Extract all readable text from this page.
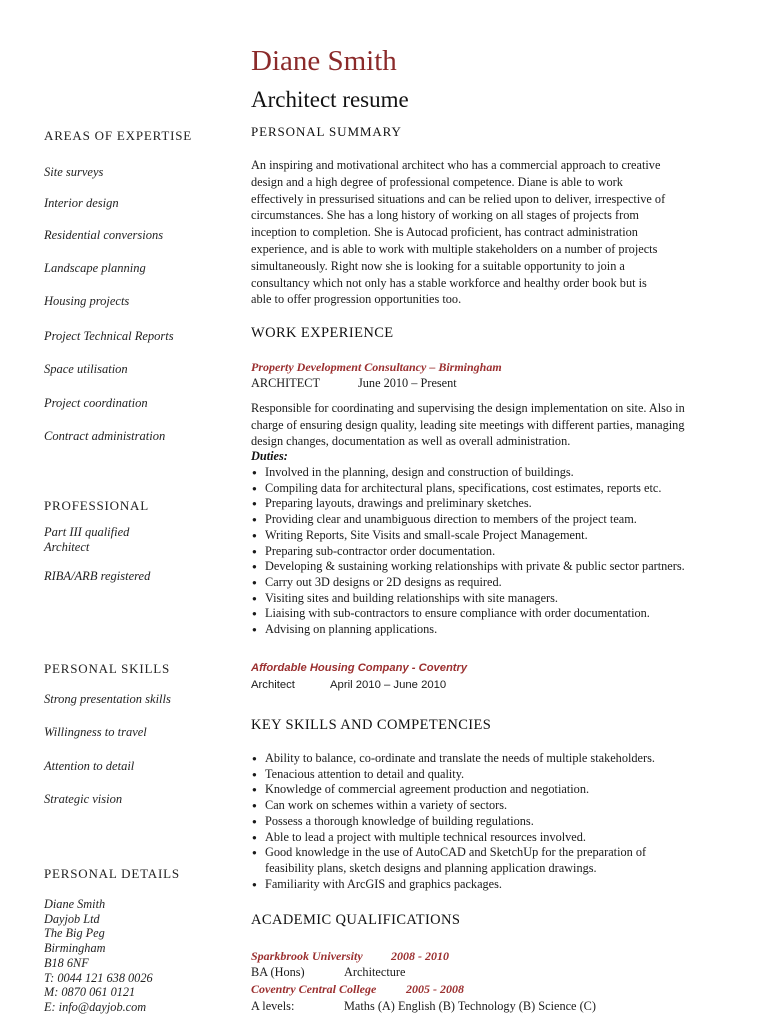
Diane Smith
Architect resume
AREAS OF EXPERTISE
Site surveys
Interior design
Residential conversions
Landscape planning
Housing projects
Project Technical Reports
Space utilisation
Project coordination
Contract administration
PROFESSIONAL
Part III qualified
Architect
RIBA/ARB registered
PERSONAL SKILLS
Strong presentation skills
Willingness to travel
Attention to detail
Strategic vision
PERSONAL DETAILS
Diane Smith
Dayjob Ltd
The Big Peg
Birmingham
B18 6NF
T: 0044 121 638 0026
M: 0870 061 0121
E: info@dayjob.com
PERSONAL SUMMARY

An inspiring and motivational architect who has a commercial approach to creative

design and a high degree of professional competence. Diane is able to work

effectively in pressurised situations and can be relied upon to deliver, irrespective of

circumstances. She has a long history of working on all stages of projects from

inception to completion. She is Autocad proficient, has contract administration

experience, and is able to work with multiple stakeholders on a number of projects

simultaneously. Right now she is looking for a suitable opportunity to join a

consultancy which not only has a stable workforce and healthy order book but is

able to offer progression opportunities too.

WORK EXPERIENCE
Property Development Consultancy – Birmingham
ARCHITECT	June 2010 – Present

Responsible for coordinating and supervising the design implementation on site. Also in

charge of ensuring design quality, leading site meetings with different parties, managing

design changes, documentation as well as overall administration.

Duties:
● Involved in the planning, design and construction of buildings.
● Compiling data for architectural plans, specifications, cost estimates, reports etc.
● Preparing layouts, drawings and preliminary sketches.
● Providing clear and unambiguous direction to members of the project team.
● Writing Reports, Site Visits and small-scale Project Management.
● Preparing sub-contractor order documentation.
● Developing & sustaining working relationships with private & public sector partners.
● Carry out 3D designs or 2D designs as required.
● Visiting sites and building relationships with site managers.
● Liaising with sub-contractors to ensure compliance with order documentation.
● Advising on planning applications.
Affordable Housing Company - Coventry
Architect	April 2010 – June 2010
KEY SKILLS AND COMPETENCIES
● Ability to balance, co-ordinate and translate the needs of multiple stakeholders.
● Tenacious attention to detail and quality.
● Knowledge of commercial agreement production and negotiation.
● Can work on schemes within a variety of sectors.
● Possess a thorough knowledge of building regulations.
● Able to lead a project with multiple technical resources involved.
● Good knowledge in the use of AutoCAD and SketchUp for the preparation of
feasibility plans, sketch designs and planning application drawings.
● Familiarity with ArcGIS and graphics packages.
ACADEMIC QUALIFICATIONS
Sparkbrook University 2008 - 2010
BA (Hons)	Architecture
Coventry Central College 2005 - 2008
A levels:	Maths (A) English (B) Technology (B) Science (C)
